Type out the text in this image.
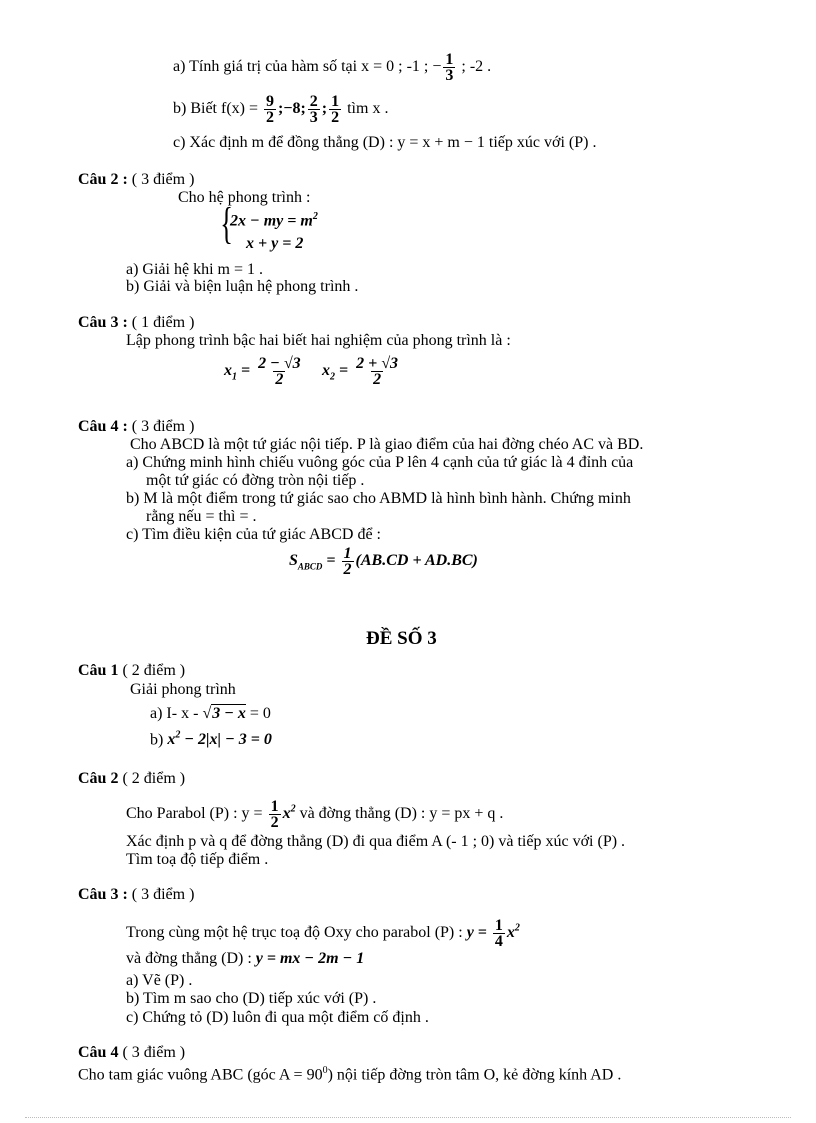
a) Tính giá trị của hàm số tại x = 0 ; -1 ; − $\frac{1}{3}$ ; -2 .
b) Biết $f(x) = \frac{9}{2}$ ;−8; $\frac{2}{3}$ ; $\frac{1}{2}$ tìm x .
c) Xác định m để đồng thẳng (D) : y = x + m − 1 tiếp xúc với (P) .
Câu 2 : ( 3 điểm )
Cho hệ phong trình :
{
2x − my = $m^2$
x + y = 2
a) Giải hệ khi m = 1 .
b) Giải và biện luận hệ phong trình .
Câu 3 : ( 1 điểm )
Lập phong trình bậc hai biết hai nghiệm của phong trình là :
$x_1 = \frac{2 - √3}{2} x_2 = \frac{2 + √3}{2}$
Câu 4 : ( 3 điểm )
Cho ABCD là một tứ giác nội tiếp. P là giao điểm của hai đờng chéo AC và BD.
a) Chứng minh hình chiếu vuông góc của P lên 4 cạnh của tứ giác là 4 đỉnh của
một tứ giác có đờng tròn nội tiếp .
b) M là một điểm trong tứ giác sao cho ABMD là hình bình hành. Chứng minh
rằng nếu = thì = .
c) Tìm điều kiện của tứ giác ABCD để :
$S_{ABCD} = \frac{1}{2} (AB.CD + AD.BC)$
ĐỀ SỐ 3
Câu 1 ( 2 điểm )
Giải phong trình
a) I- x - √3 − x = 0
b) $x^2 - 2|x| - 3 = 0$
Câu 2 ( 2 điểm )
Cho Parabol (P) : $y = \frac{1}{2} x^2$ và đờng thẳng (D) : y = px + q .
Xác định p và q để đờng thẳng (D) đi qua điểm A (- 1 ; 0) và tiếp xúc với (P) .
Tìm toạ độ tiếp điểm .
Câu 3 : ( 3 điểm )
Trong cùng một hệ trục toạ độ Oxy cho parabol (P) : $y = \frac{1}{4} x^2$
và đờng thẳng (D) : y = mx − 2m − 1
a) Vẽ (P) .
b) Tìm m sao cho (D) tiếp xúc với (P) .
c) Chứng tỏ (D) luôn đi qua một điểm cố định .
Câu 4 ( 3 điểm )
Cho tam giác vuông ABC (góc $A = 90^0$) nội tiếp đờng tròn tâm O, kẻ đờng kính AD .
